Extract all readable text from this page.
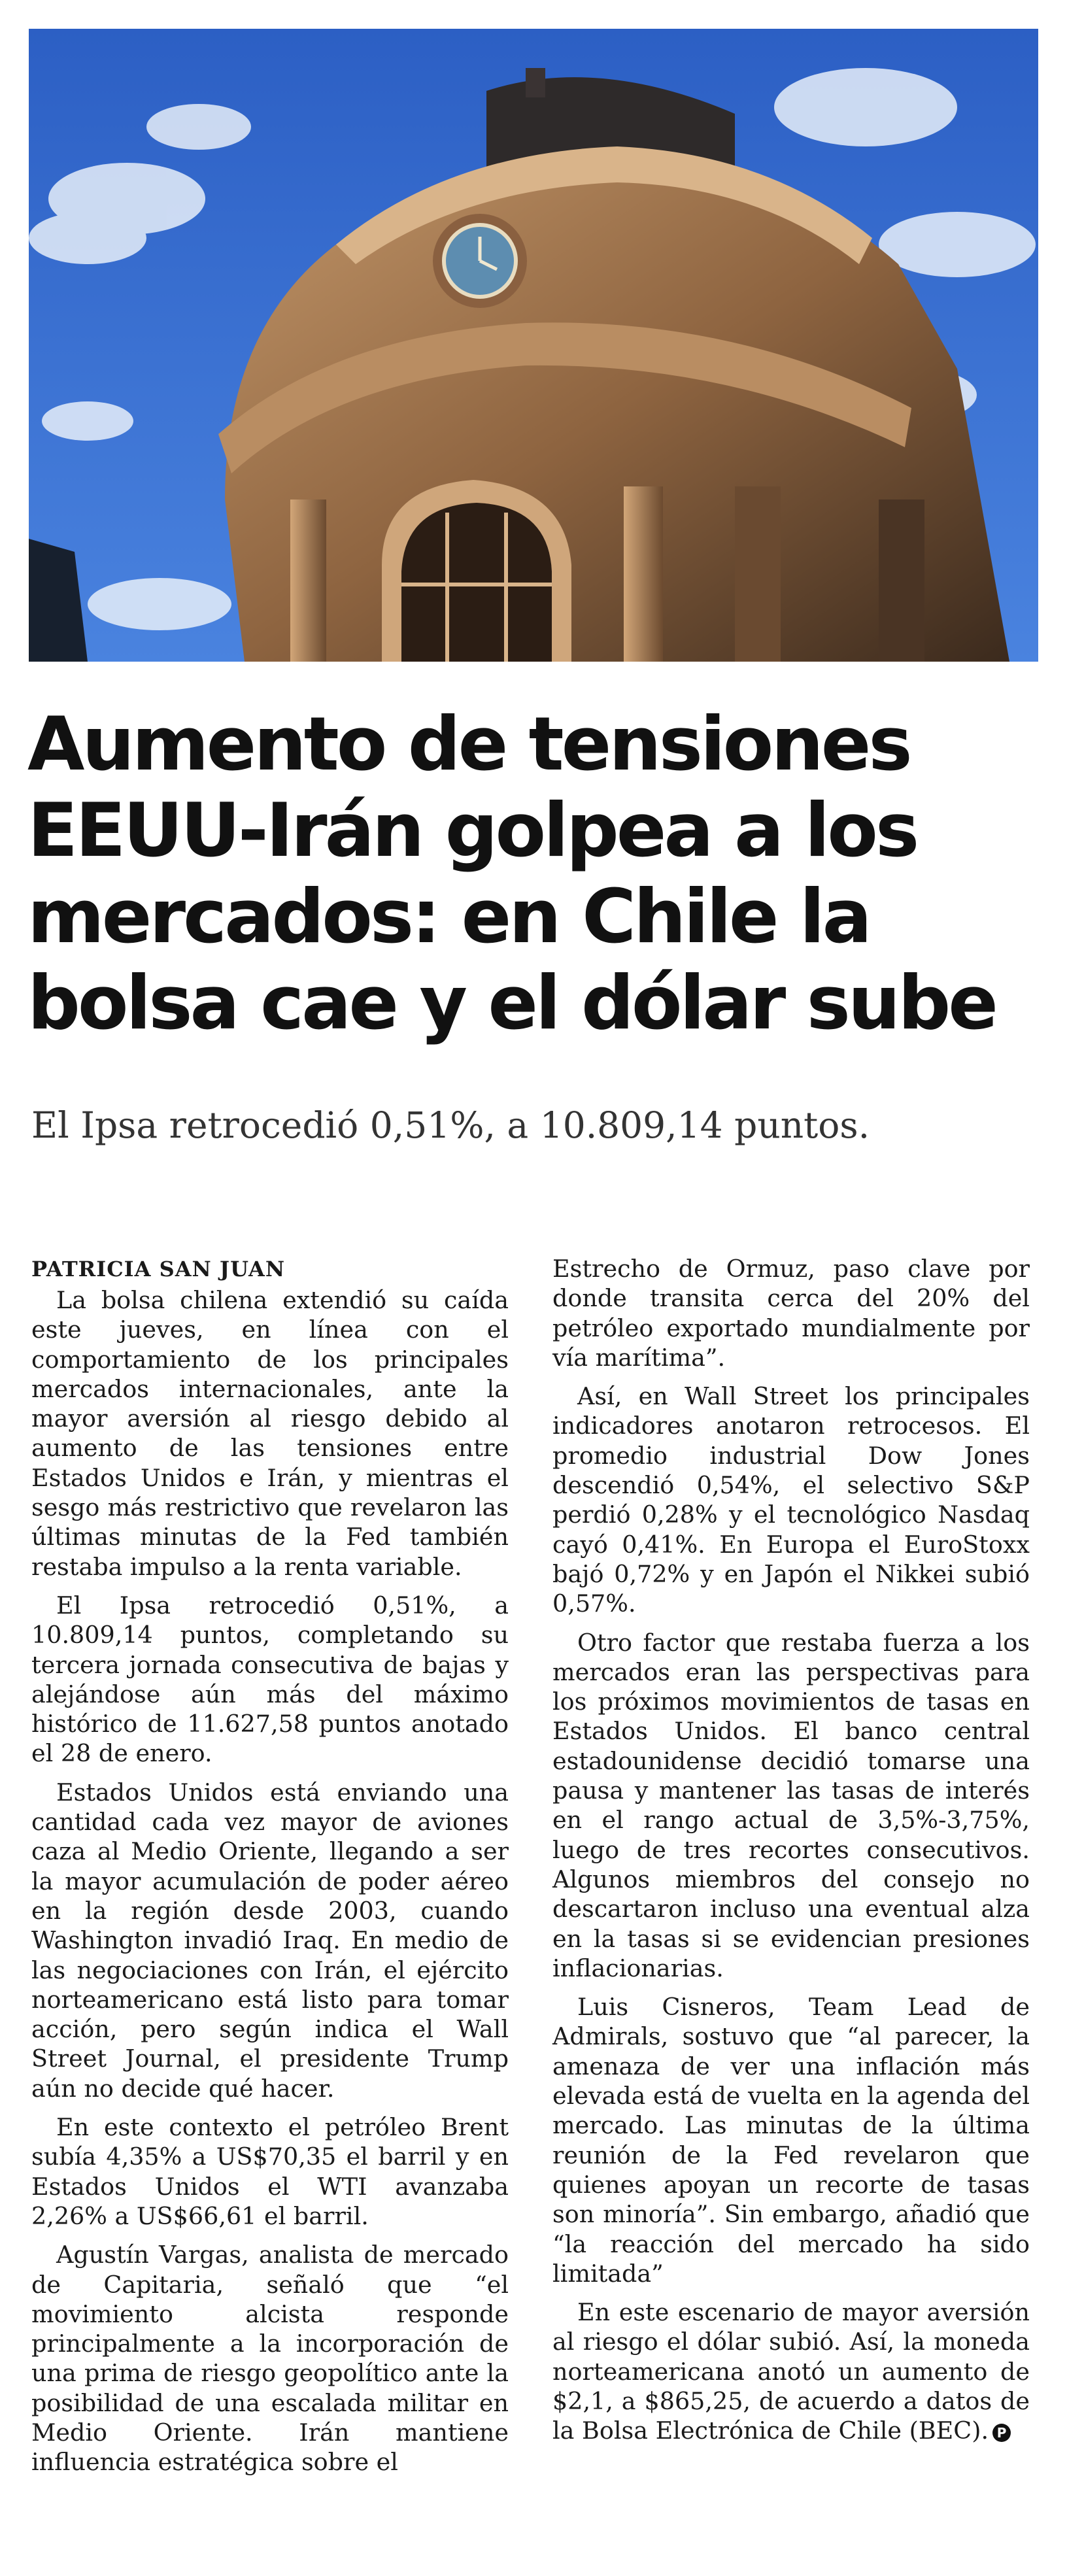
Aumento de tensiones
EEUU-Irán golpea a los
mercados: en Chile la
bolsa cae y el dólar sube

El Ipsa retrocedió 0,51%, a 10.809,14 puntos.

PATRICIA SAN JUAN

La bolsa chilena extendió su caída este jueves, en línea con el comportamiento de los principales mercados internacionales, ante la mayor aversión al riesgo debido al aumento de las tensiones entre Estados Unidos e Irán, y mientras el sesgo más restrictivo que revelaron las últimas minutas de la Fed también restaba impulso a la renta variable.

El Ipsa retrocedió 0,51%, a 10.809,14 puntos, completando su tercera jornada consecutiva de bajas y alejándose aún más del máximo histórico de 11.627,58 puntos anotado el 28 de enero.

Estados Unidos está enviando una cantidad cada vez mayor de aviones caza al Medio Oriente, llegando a ser la mayor acumulación de poder aéreo en la región desde 2003, cuando Washington invadió Iraq. En medio de las negociaciones con Irán, el ejército norteamericano está listo para tomar acción, pero según indica el Wall Street Journal, el presidente Trump aún no decide qué hacer.

En este contexto el petróleo Brent subía 4,35% a US$70,35 el barril y en Estados Unidos el WTI avanzaba 2,26% a US$66,61 el barril.

Agustín Vargas, analista de mercado de Capitaria, señaló que “el movimiento alcista responde principalmente a la incorporación de una prima de riesgo geopolítico ante la posibilidad de una escalada militar en Medio Oriente. Irán mantiene influencia estratégica sobre el

Estrecho de Ormuz, paso clave por donde transita cerca del 20% del petróleo exportado mundialmente por vía marítima”.

Así, en Wall Street los principales indicadores anotaron retrocesos. El promedio industrial Dow Jones descendió 0,54%, el selectivo S&P perdió 0,28% y el tecnológico Nasdaq cayó 0,41%. En Europa el EuroStoxx bajó 0,72% y en Japón el Nikkei subió 0,57%.

Otro factor que restaba fuerza a los mercados eran las perspectivas para los próximos movimientos de tasas en Estados Unidos. El banco central estadounidense decidió tomarse una pausa y mantener las tasas de interés en el rango actual de 3,5%-3,75%, luego de tres recortes consecutivos. Algunos miembros del consejo no descartaron incluso una eventual alza en la tasas si se evidencian presiones inflacionarias.

Luis Cisneros, Team Lead de Admirals, sostuvo que “al parecer, la amenaza de ver una inflación más elevada está de vuelta en la agenda del mercado. Las minutas de la última reunión de la Fed revelaron que quienes apoyan un recorte de tasas son minoría”. Sin embargo, añadió que “la reacción del mercado ha sido limitada”

En este escenario de mayor aversión al riesgo el dólar subió. Así, la moneda norteamericana anotó un aumento de $2,1, a $865,25, de acuerdo a datos de la Bolsa Electrónica de Chile (BEC). P
